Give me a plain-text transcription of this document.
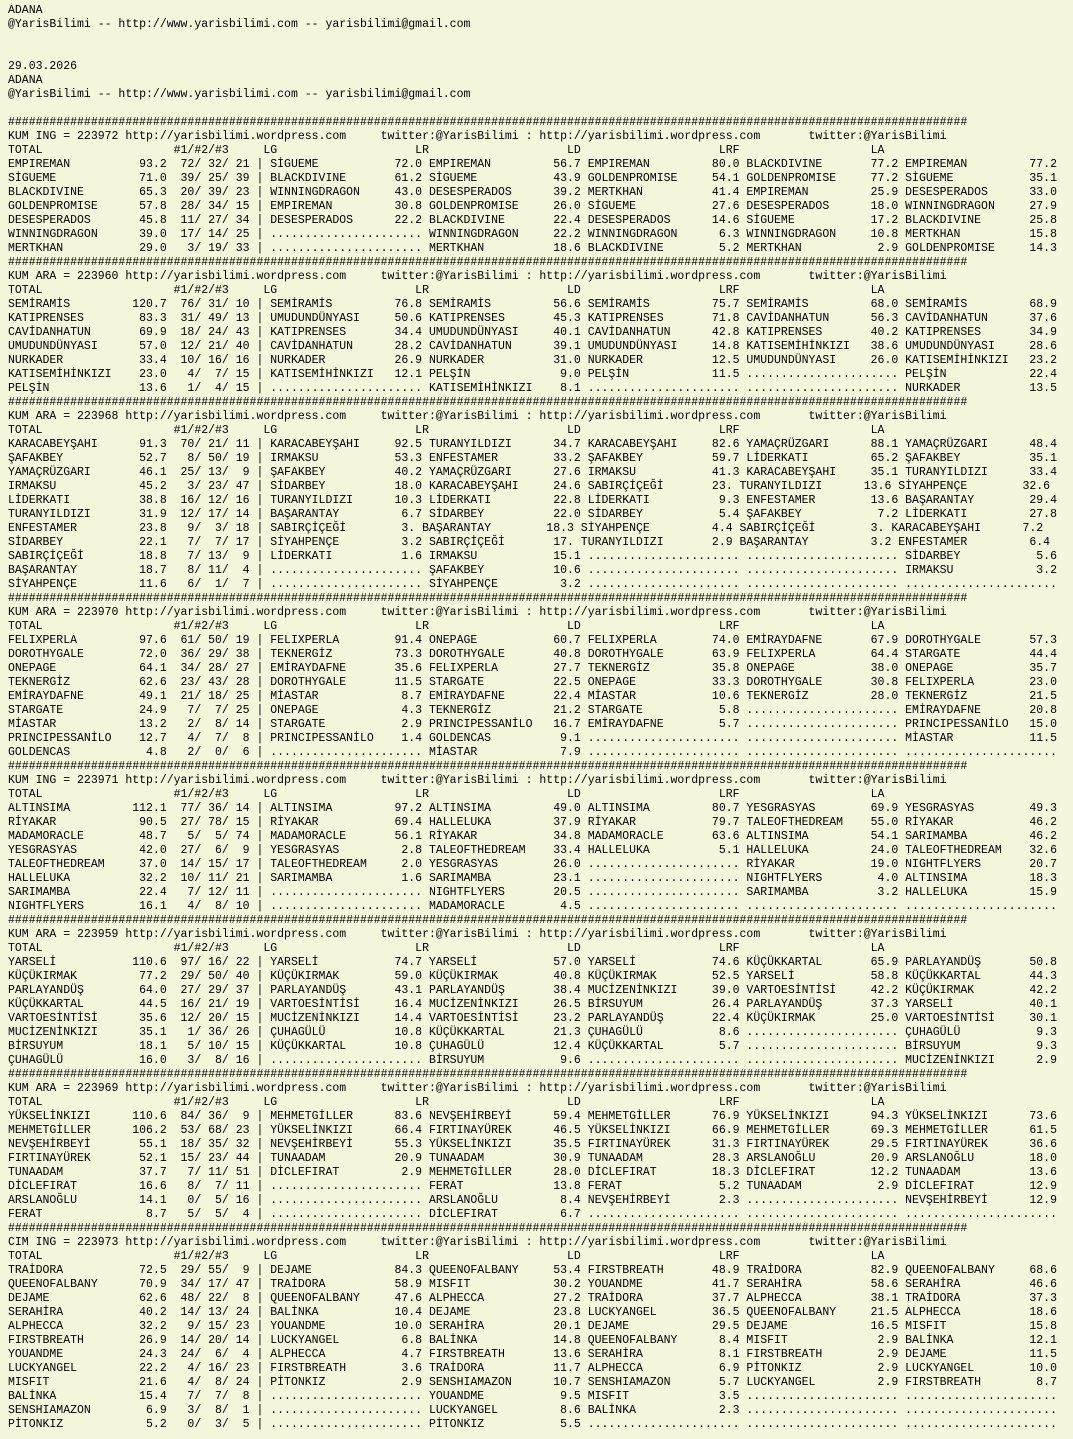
ADANA
@YarisBilimi -- http://www.yarisbilimi.com -- yarisbilimi@gmail.com
29.03.2026
ADANA
@YarisBilimi -- http://www.yarisbilimi.com -- yarisbilimi@gmail.com
###########################################################################################################################################
KUM ING = 223972 http://yarisbilimi.wordpress.com     twitter:@YarisBilimi : http://yarisbilimi.wordpress.com       twitter:@YarisBilimi
TOTAL                   #1/#2/#3     LG                    LR                    LD                    LRF                   LA
EMPIREMAN          93.2  72/ 32/ 21 | SİGUEME           72.0 EMPIREMAN         56.7 EMPIREMAN         80.0 BLACKDIVINE       77.2 EMPIREMAN         77.2
SİGUEME            71.0  39/ 25/ 39 | BLACKDIVINE       61.2 SİGUEME           43.9 GOLDENPROMISE     54.1 GOLDENPROMISE     77.2 SİGUEME           35.1
BLACKDIVINE        65.3  20/ 39/ 23 | WINNINGDRAGON     43.0 DESESPERADOS      39.2 MERTKHAN          41.4 EMPIREMAN         25.9 DESESPERADOS      33.0
GOLDENPROMISE      57.8  28/ 34/ 15 | EMPIREMAN         30.8 GOLDENPROMISE     26.0 SİGUEME           27.6 DESESPERADOS      18.0 WINNINGDRAGON     27.9
DESESPERADOS       45.8  11/ 27/ 34 | DESESPERADOS      22.2 BLACKDIVINE       22.4 DESESPERADOS      14.6 SİGUEME           17.2 BLACKDIVINE       25.8
WINNINGDRAGON      39.0  17/ 14/ 25 | ...................... WINNINGDRAGON     22.2 WINNINGDRAGON      6.3 WINNINGDRAGON     10.8 MERTKHAN          15.8
MERTKHAN           29.0   3/ 19/ 33 | ...................... MERTKHAN          18.6 BLACKDIVINE        5.2 MERTKHAN           2.9 GOLDENPROMISE     14.3
###########################################################################################################################################
KUM ARA = 223960 http://yarisbilimi.wordpress.com     twitter:@YarisBilimi : http://yarisbilimi.wordpress.com       twitter:@YarisBilimi
TOTAL                   #1/#2/#3     LG                    LR                    LD                    LRF                   LA
SEMİRAMİS         120.7  76/ 31/ 10 | SEMİRAMİS         76.8 SEMİRAMİS         56.6 SEMİRAMİS         75.7 SEMİRAMİS         68.0 SEMİRAMİS         68.9
KATIPRENSES        83.3  31/ 49/ 13 | UMUDUNDÜNYASI     50.6 KATIPRENSES       45.3 KATIPRENSES       71.8 CAVİDANHATUN      56.3 CAVİDANHATUN      37.6
CAVİDANHATUN       69.9  18/ 24/ 43 | KATIPRENSES       34.4 UMUDUNDÜNYASI     40.1 CAVİDANHATUN      42.8 KATIPRENSES       40.2 KATIPRENSES       34.9
UMUDUNDÜNYASI      57.0  12/ 21/ 40 | CAVİDANHATUN      28.2 CAVİDANHATUN      39.1 UMUDUNDÜNYASI     14.8 KATISEMİHİNKIZI   38.6 UMUDUNDÜNYASI     28.6
NURKADER           33.4  10/ 16/ 16 | NURKADER          26.9 NURKADER          31.0 NURKADER          12.5 UMUDUNDÜNYASI     26.0 KATISEMİHİNKIZI   23.2
KATISEMİHİNKIZI    23.0   4/  7/ 15 | KATISEMİHİNKIZI   12.1 PELŞİN             9.0 PELŞİN            11.5 ...................... PELŞİN            22.4
PELŞİN             13.6   1/  4/ 15 | ...................... KATISEMİHİNKIZI    8.1 ...................... ...................... NURKADER          13.5
###########################################################################################################################################
KUM ARA = 223968 http://yarisbilimi.wordpress.com     twitter:@YarisBilimi : http://yarisbilimi.wordpress.com       twitter:@YarisBilimi
TOTAL                   #1/#2/#3     LG                    LR                    LD                    LRF                   LA
KARACABEYŞAHI      91.3  70/ 21/ 11 | KARACABEYŞAHI     92.5 TURANYILDIZI      34.7 KARACABEYŞAHI     82.6 YAMAÇRÜZGARI      88.1 YAMAÇRÜZGARI      48.4
ŞAFAKBEY           52.7   8/ 50/ 19 | IRMAKSU           53.3 ENFESTAMER        33.2 ŞAFAKBEY          59.7 LİDERKATI         65.2 ŞAFAKBEY          35.1
YAMAÇRÜZGARI       46.1  25/ 13/  9 | ŞAFAKBEY          40.2 YAMAÇRÜZGARI      27.6 IRMAKSU           41.3 KARACABEYŞAHI     35.1 TURANYILDIZI      33.4
IRMAKSU            45.2   3/ 23/ 47 | SİDARBEY          18.0 KARACABEYŞAHI     24.6 SABIRÇİÇEĞİ       23. TURANYILDIZI      13.6 SİYAHPENÇE        32.6
LİDERKATI          38.8  16/ 12/ 16 | TURANYILDIZI      10.3 LİDERKATI         22.8 LİDERKATI          9.3 ENFESTAMER        13.6 BAŞARANTAY        29.4
TURANYILDIZI       31.9  12/ 17/ 14 | BAŞARANTAY         6.7 SİDARBEY          22.0 SİDARBEY           5.4 ŞAFAKBEY           7.2 LİDERKATI         27.8
ENFESTAMER         23.8   9/  3/ 18 | SABIRÇİÇEĞİ        3. BAŞARANTAY        18.3 SİYAHPENÇE         4.4 SABIRÇİÇEĞİ        3. KARACABEYŞAHI      7.2
SİDARBEY           22.1   7/  7/ 17 | SİYAHPENÇE         3.2 SABIRÇİÇEĞİ       17. TURANYILDIZI       2.9 BAŞARANTAY         3.2 ENFESTAMER         6.4
SABIRÇİÇEĞİ        18.8   7/ 13/  9 | LİDERKATI          1.6 IRMAKSU           15.1 ...................... ...................... SİDARBEY           5.6
BAŞARANTAY         18.7   8/ 11/  4 | ...................... ŞAFAKBEY          10.6 ...................... ...................... IRMAKSU            3.2
SİYAHPENÇE         11.6   6/  1/  7 | ...................... SİYAHPENÇE         3.2 ...................... ...................... ......................
###########################################################################################################################################
KUM ARA = 223970 http://yarisbilimi.wordpress.com     twitter:@YarisBilimi : http://yarisbilimi.wordpress.com       twitter:@YarisBilimi
TOTAL                   #1/#2/#3     LG                    LR                    LD                    LRF                   LA
FELIXPERLA         97.6  61/ 50/ 19 | FELIXPERLA        91.4 ONEPAGE           60.7 FELIXPERLA        74.0 EMİRAYDAFNE       67.9 DOROTHYGALE       57.3
DOROTHYGALE        72.0  36/ 29/ 38 | TEKNERGİZ         73.3 DOROTHYGALE       40.8 DOROTHYGALE       63.9 FELIXPERLA        64.4 STARGATE          44.4
ONEPAGE            64.1  34/ 28/ 27 | EMİRAYDAFNE       35.6 FELIXPERLA        27.7 TEKNERGİZ         35.8 ONEPAGE           38.0 ONEPAGE           35.7
TEKNERGİZ          62.6  23/ 43/ 28 | DOROTHYGALE       11.5 STARGATE          22.5 ONEPAGE           33.3 DOROTHYGALE       30.8 FELIXPERLA        23.0
EMİRAYDAFNE        49.1  21/ 18/ 25 | MİASTAR            8.7 EMİRAYDAFNE       22.4 MİASTAR           10.6 TEKNERGİZ         28.0 TEKNERGİZ         21.5
STARGATE           24.9   7/  7/ 25 | ONEPAGE            4.3 TEKNERGİZ         21.2 STARGATE           5.8 ...................... EMİRAYDAFNE       20.8
MİASTAR            13.2   2/  8/ 14 | STARGATE           2.9 PRINCIPESSANİLO   16.7 EMİRAYDAFNE        5.7 ...................... PRINCIPESSANİLO   15.0
PRINCIPESSANİLO    12.7   4/  7/  8 | PRINCIPESSANİLO    1.4 GOLDENCAS          9.1 ...................... ...................... MİASTAR           11.5
GOLDENCAS           4.8   2/  0/  6 | ...................... MİASTAR            7.9 ...................... ...................... ......................
###########################################################################################################################################
KUM ING = 223971 http://yarisbilimi.wordpress.com     twitter:@YarisBilimi : http://yarisbilimi.wordpress.com       twitter:@YarisBilimi
TOTAL                   #1/#2/#3     LG                    LR                    LD                    LRF                   LA
ALTINSIMA         112.1  77/ 36/ 14 | ALTINSIMA         97.2 ALTINSIMA         49.0 ALTINSIMA         80.7 YESGRASYAS        69.9 YESGRASYAS        49.3
RİYAKAR            90.5  27/ 78/ 15 | RİYAKAR           69.4 HALLELUKA         37.9 RİYAKAR           79.7 TALEOFTHEDREAM    55.0 RİYAKAR           46.2
MADAMORACLE        48.7   5/  5/ 74 | MADAMORACLE       56.1 RİYAKAR           34.8 MADAMORACLE       63.6 ALTINSIMA         54.1 SARIMAMBA         46.2
YESGRASYAS         42.0  27/  6/  9 | YESGRASYAS         2.8 TALEOFTHEDREAM    33.4 HALLELUKA          5.1 HALLELUKA         24.0 TALEOFTHEDREAM    32.6
TALEOFTHEDREAM     37.0  14/ 15/ 17 | TALEOFTHEDREAM     2.0 YESGRASYAS        26.0 ...................... RİYAKAR           19.0 NIGHTFLYERS       20.7
HALLELUKA          32.2  10/ 11/ 21 | SARIMAMBA          1.6 SARIMAMBA         23.1 ...................... NIGHTFLYERS        4.0 ALTINSIMA         18.3
SARIMAMBA          22.4   7/ 12/ 11 | ...................... NIGHTFLYERS       20.5 ...................... SARIMAMBA          3.2 HALLELUKA         15.9
NIGHTFLYERS        16.1   4/  8/ 10 | ...................... MADAMORACLE        4.5 ...................... ...................... ......................
###########################################################################################################################################
KUM ARA = 223959 http://yarisbilimi.wordpress.com     twitter:@YarisBilimi : http://yarisbilimi.wordpress.com       twitter:@YarisBilimi
TOTAL                   #1/#2/#3     LG                    LR                    LD                    LRF                   LA
YARSELİ           110.6  97/ 16/ 22 | YARSELİ           74.7 YARSELİ           57.0 YARSELİ           74.6 KÜÇÜKKARTAL       65.9 PARLAYANDÜŞ       50.8
KÜÇÜKIRMAK         77.2  29/ 50/ 40 | KÜÇÜKIRMAK        59.0 KÜÇÜKIRMAK        40.8 KÜÇÜKIRMAK        52.5 YARSELİ           58.8 KÜÇÜKKARTAL       44.3
PARLAYANDÜŞ        64.0  27/ 29/ 37 | PARLAYANDÜŞ       43.1 PARLAYANDÜŞ       38.4 MUCİZENİNKIZI     39.0 VARTOESİNTİSİ     42.2 KÜÇÜKIRMAK        42.2
KÜÇÜKKARTAL        44.5  16/ 21/ 19 | VARTOESİNTİSİ     16.4 MUCİZENİNKIZI     26.5 BİRSUYUM          26.4 PARLAYANDÜŞ       37.3 YARSELİ           40.1
VARTOESİNTİSİ      35.6  12/ 20/ 15 | MUCİZENİNKIZI     14.4 VARTOESİNTİSİ     23.2 PARLAYANDÜŞ       22.4 KÜÇÜKIRMAK        25.0 VARTOESİNTİSİ     30.1
MUCİZENİNKIZI      35.1   1/ 36/ 26 | ÇUHAGÜLÜ          10.8 KÜÇÜKKARTAL       21.3 ÇUHAGÜLÜ           8.6 ...................... ÇUHAGÜLÜ           9.3
BİRSUYUM           18.1   5/ 10/ 15 | KÜÇÜKKARTAL       10.8 ÇUHAGÜLÜ          12.4 KÜÇÜKKARTAL        5.7 ...................... BİRSUYUM           9.3
ÇUHAGÜLÜ           16.0   3/  8/ 16 | ...................... BİRSUYUM           9.6 ...................... ...................... MUCİZENİNKIZI      2.9
###########################################################################################################################################
KUM ARA = 223969 http://yarisbilimi.wordpress.com     twitter:@YarisBilimi : http://yarisbilimi.wordpress.com       twitter:@YarisBilimi
TOTAL                   #1/#2/#3     LG                    LR                    LD                    LRF                   LA
YÜKSELİNKIZI      110.6  84/ 36/  9 | MEHMETGİLLER      83.6 NEVŞEHİRBEYİ      59.4 MEHMETGİLLER      76.9 YÜKSELİNKIZI      94.3 YÜKSELİNKIZI      73.6
MEHMETGİLLER      106.2  53/ 68/ 23 | YÜKSELİNKIZI      66.4 FIRTINAYÜREK      46.5 YÜKSELİNKIZI      66.9 MEHMETGİLLER      69.3 MEHMETGİLLER      61.5
NEVŞEHİRBEYİ       55.1  18/ 35/ 32 | NEVŞEHİRBEYİ      55.3 YÜKSELİNKIZI      35.5 FIRTINAYÜREK      31.3 FIRTINAYÜREK      29.5 FIRTINAYÜREK      36.6
FIRTINAYÜREK       52.1  15/ 23/ 44 | TUNAADAM          20.9 TUNAADAM          30.9 TUNAADAM          28.3 ARSLANOĞLU        20.9 ARSLANOĞLU        18.0
TUNAADAM           37.7   7/ 11/ 51 | DİCLEFIRAT         2.9 MEHMETGİLLER      28.0 DİCLEFIRAT        18.3 DİCLEFIRAT        12.2 TUNAADAM          13.6
DİCLEFIRAT         16.6   8/  7/ 11 | ...................... FERAT             13.8 FERAT              5.2 TUNAADAM           2.9 DİCLEFIRAT        12.9
ARSLANOĞLU         14.1   0/  5/ 16 | ...................... ARSLANOĞLU         8.4 NEVŞEHİRBEYİ       2.3 ...................... NEVŞEHİRBEYİ      12.9
FERAT               8.7   5/  5/  4 | ...................... DİCLEFIRAT         6.7 ...................... ...................... ......................
###########################################################################################################################################
CIM ING = 223973 http://yarisbilimi.wordpress.com     twitter:@YarisBilimi : http://yarisbilimi.wordpress.com       twitter:@YarisBilimi
TOTAL                   #1/#2/#3     LG                    LR                    LD                    LRF                   LA
TRAİDORA           72.5  29/ 55/  9 | DEJAME            84.3 QUEENOFALBANY     53.4 FIRSTBREATH       48.9 TRAİDORA          82.9 QUEENOFALBANY     68.6
QUEENOFALBANY      70.9  34/ 17/ 47 | TRAİDORA          58.9 MISFIT            30.2 YOUANDME          41.7 SERAHİRA          58.6 SERAHİRA          46.6
DEJAME             62.6  48/ 22/  8 | QUEENOFALBANY     47.6 ALPHECCA          27.2 TRAİDORA          37.7 ALPHECCA          38.1 TRAİDORA          37.3
SERAHİRA           40.2  14/ 13/ 24 | BALİNKA           10.4 DEJAME            23.8 LUCKYANGEL        36.5 QUEENOFALBANY     21.5 ALPHECCA          18.6
ALPHECCA           32.2   9/ 15/ 23 | YOUANDME          10.0 SERAHİRA          20.1 DEJAME            29.5 DEJAME            16.5 MISFIT            15.8
FIRSTBREATH        26.9  14/ 20/ 14 | LUCKYANGEL         6.8 BALİNKA           14.8 QUEENOFALBANY      8.4 MISFIT             2.9 BALİNKA           12.1
YOUANDME           24.3  24/  6/  4 | ALPHECCA           4.7 FIRSTBREATH       13.6 SERAHİRA           8.1 FIRSTBREATH        2.9 DEJAME            11.5
LUCKYANGEL         22.2   4/ 16/ 23 | FIRSTBREATH        3.6 TRAİDORA          11.7 ALPHECCA           6.9 PİTONKIZ           2.9 LUCKYANGEL        10.0
MISFIT             21.6   4/  8/ 24 | PİTONKIZ           2.9 SENSHIAMAZON      10.7 SENSHIAMAZON       5.7 LUCKYANGEL         2.9 FIRSTBREATH        8.7
BALİNKA            15.4   7/  7/  8 | ...................... YOUANDME           9.5 MISFIT             3.5 ...................... ......................
SENSHIAMAZON        6.9   3/  8/  1 | ...................... LUCKYANGEL         8.6 BALİNKA            2.3 ...................... ......................
PİTONKIZ            5.2   0/  3/  5 | ...................... PİTONKIZ           5.5 ...................... ...................... ......................
